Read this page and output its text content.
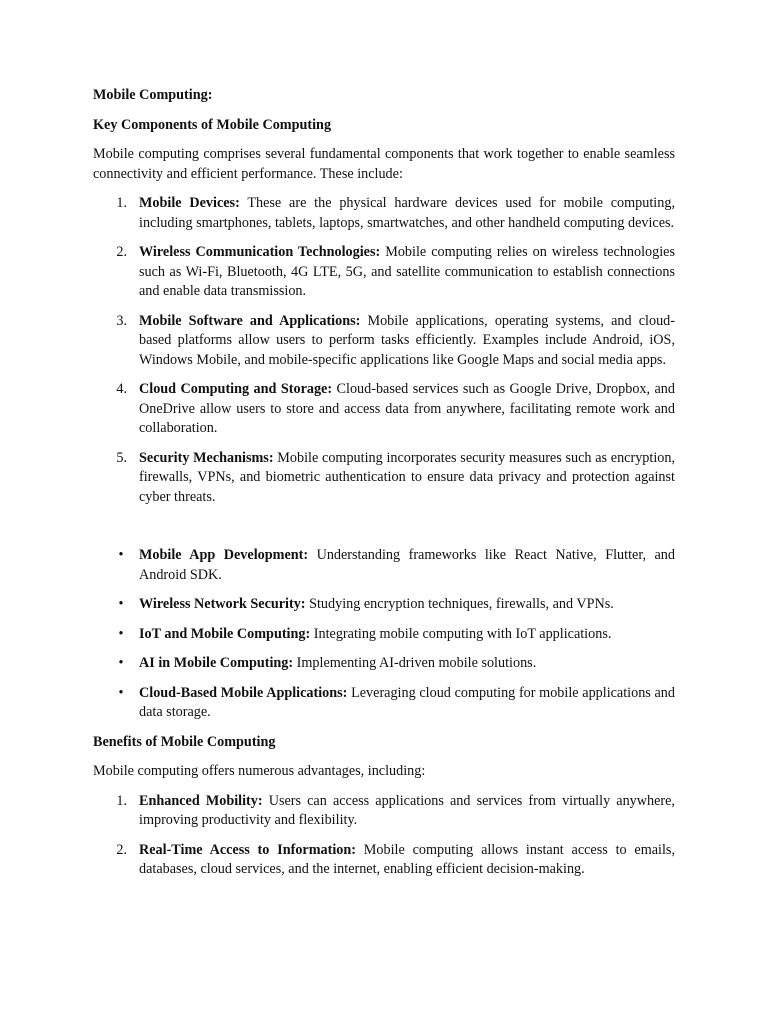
Mobile Computing:

Key Components of Mobile Computing

Mobile computing comprises several fundamental components that work together to enable seamless connectivity and efficient performance. These include:

1. Mobile Devices: These are the physical hardware devices used for mobile computing, including smartphones, tablets, laptops, smartwatches, and other handheld computing devices.
2. Wireless Communication Technologies: Mobile computing relies on wireless technologies such as Wi-Fi, Bluetooth, 4G LTE, 5G, and satellite communication to establish connections and enable data transmission.
3. Mobile Software and Applications: Mobile applications, operating systems, and cloud-based platforms allow users to perform tasks efficiently. Examples include Android, iOS, Windows Mobile, and mobile-specific applications like Google Maps and social media apps.
4. Cloud Computing and Storage: Cloud-based services such as Google Drive, Dropbox, and OneDrive allow users to store and access data from anywhere, facilitating remote work and collaboration.
5. Security Mechanisms: Mobile computing incorporates security measures such as encryption, firewalls, VPNs, and biometric authentication to ensure data privacy and protection against cyber threats.
• Mobile App Development: Understanding frameworks like React Native, Flutter, and Android SDK.
• Wireless Network Security: Studying encryption techniques, firewalls, and VPNs.
• IoT and Mobile Computing: Integrating mobile computing with IoT applications.
• AI in Mobile Computing: Implementing AI-driven mobile solutions.
• Cloud-Based Mobile Applications: Leveraging cloud computing for mobile applications and data storage.

Benefits of Mobile Computing

Mobile computing offers numerous advantages, including:

1. Enhanced Mobility: Users can access applications and services from virtually anywhere, improving productivity and flexibility.
2. Real-Time Access to Information: Mobile computing allows instant access to emails, databases, cloud services, and the internet, enabling efficient decision-making.
